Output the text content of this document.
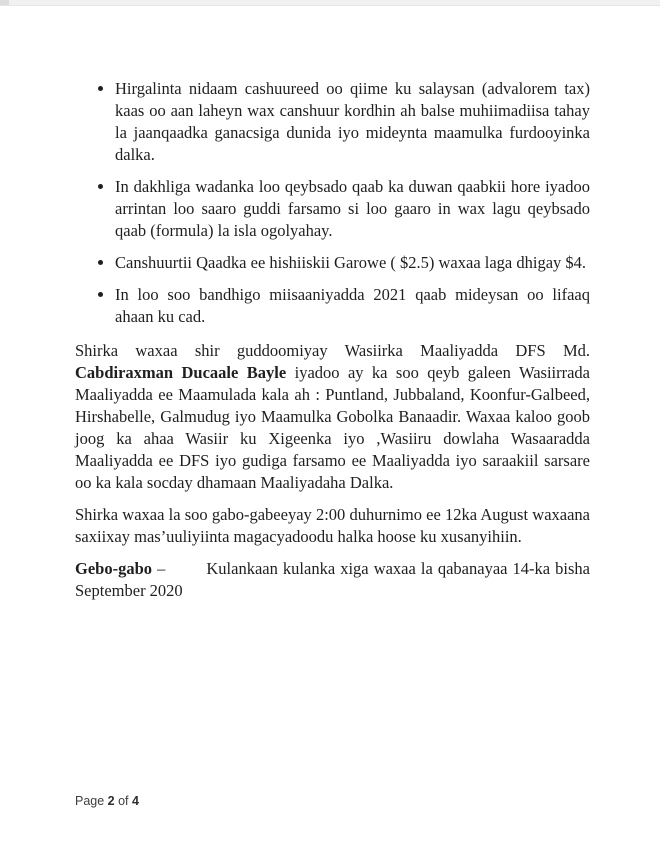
• Hirgalinta nidaam cashuureed oo qiime ku salaysan (advalorem tax) kaas oo aan laheyn wax canshuur kordhin ah balse muhiimadiisa tahay la jaanqaadka ganacsiga dunida iyo mideynta maamulka furdooyinka dalka.
• In dakhliga wadanka loo qeybsado qaab ka duwan qaabkii hore iyadoo arrintan loo saaro guddi farsamo si loo gaaro in wax lagu qeybsado qaab (formula) la isla ogolyahay.
• Canshuurtii Qaadka ee hishiiskii Garowe ( $2.5) waxaa laga dhigay $4.
• In loo soo bandhigo miisaaniyadda 2021 qaab mideysan oo lifaaq ahaan ku cad.

Shirka waxaa shir guddoomiyay Wasiirka Maaliyadda DFS Md. Cabdiraxman Ducaale Bayle iyadoo ay ka soo qeyb galeen Wasiirrada Maaliyadda ee Maamulada kala ah : Puntland, Jubbaland, Koonfur-Galbeed, Hirshabelle, Galmudug iyo Maamulka Gobolka Banaadir. Waxaa kaloo goob joog ka ahaa Wasiir ku Xigeenka iyo ,Wasiiru dowlaha Wasaaradda Maaliyadda ee DFS iyo gudiga farsamo ee Maaliyadda iyo saraakiil sarsare oo ka kala socday dhamaan Maaliyadaha Dalka.

Shirka waxaa la soo gabo-gabeeyay 2:00 duhurnimo ee 12ka August waxaana saxiixay mas’uuliyiinta magacyadoodu halka hoose ku xusanyihiin.

Gebo-gabo – Kulankaan kulanka xiga waxaa la qabanayaa 14-ka bisha September 2020

Page 2 of 4
